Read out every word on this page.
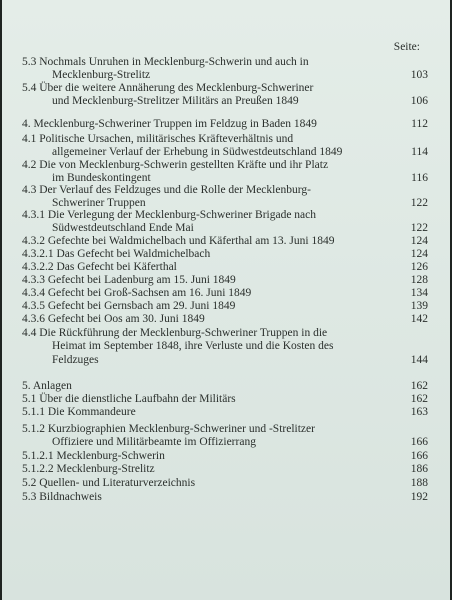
Seite:
5.3 Nochmals Unruhen in Mecklenburg-Schwerin und auch in
Mecklenburg-Strelitz	103
5.4 Über die weitere Annäherung des Mecklenburg-Schweriner
und Mecklenburg-Strelitzer Militärs an Preußen 1849	106
4. Mecklenburg-Schweriner Truppen im Feldzug in Baden 1849	112
4.1 Politische Ursachen, militärisches Kräfteverhältnis und
allgemeiner Verlauf der Erhebung in Südwestdeutschland 1849	114
4.2 Die von Mecklenburg-Schwerin gestellten Kräfte und ihr Platz
im Bundeskontingent	116
4.3 Der Verlauf des Feldzuges und die Rolle der Mecklenburg-
Schweriner Truppen	122
4.3.1 Die Verlegung der Mecklenburg-Schweriner Brigade nach
Südwestdeutschland Ende Mai	122
4.3.2 Gefechte bei Waldmichelbach und Käferthal am 13. Juni 1849	124
4.3.2.1 Das Gefecht bei Waldmichelbach	124
4.3.2.2 Das Gefecht bei Käferthal	126
4.3.3 Gefecht bei Ladenburg am 15. Juni 1849	128
4.3.4 Gefecht bei Groß-Sachsen am 16. Juni 1849	134
4.3.5 Gefecht bei Gernsbach am 29. Juni 1849	139
4.3.6 Gefecht bei Oos am 30. Juni 1849	142
4.4 Die Rückführung der Mecklenburg-Schweriner Truppen in die
Heimat im September 1848, ihre Verluste und die Kosten des
Feldzuges	144
5. Anlagen	162
5.1 Über die dienstliche Laufbahn der Militärs	162
5.1.1 Die Kommandeure	163
5.1.2 Kurzbiographien Mecklenburg-Schweriner und -Strelitzer
Offiziere und Militärbeamte im Offizierrang	166
5.1.2.1 Mecklenburg-Schwerin	166
5.1.2.2 Mecklenburg-Strelitz	186
5.2 Quellen- und Literaturverzeichnis	188
5.3 Bildnachweis	192
